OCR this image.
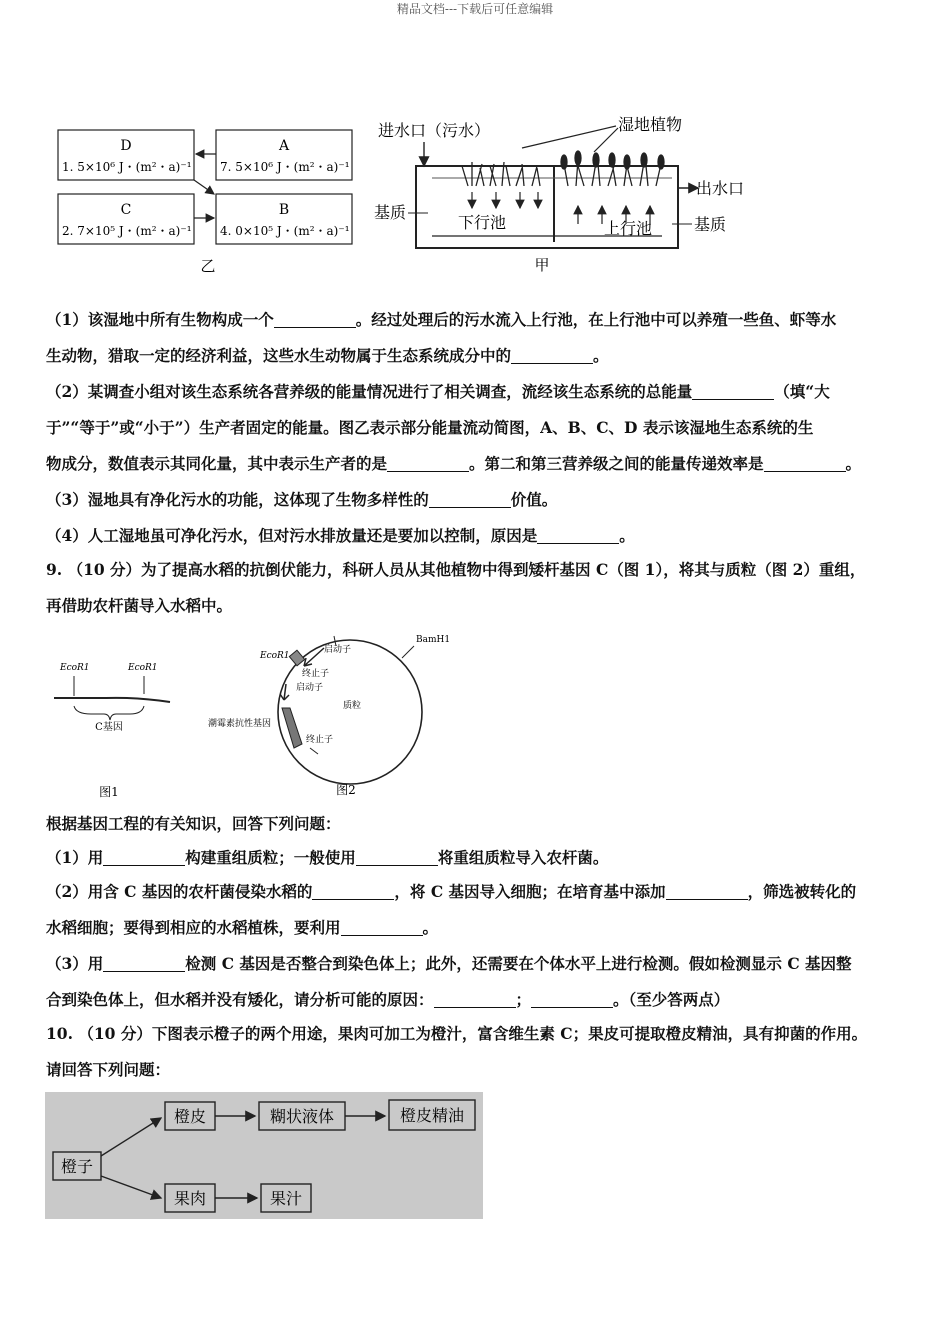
精品文档---下载后可任意编辑
D
1. 5×10⁶ J・(m²・a)⁻¹
A
7. 5×10⁶ J・(m²・a)⁻¹
C
2. 7×10⁵ J・(m²・a)⁻¹
B
4. 0×10⁵ J・(m²・a)⁻¹
乙
进水口（污水）	湿地植物
出水口
基质
下行池	上行池	基质
甲
（1）该湿地中所有生物构成一个	。经过处理后的污水流入上行池，在上行池中可以养殖一些鱼、虾等水
生动物，猎取一定的经济利益，这些水生动物属于生态系统成分中的	。
（2）某调查小组对该生态系统各营养级的能量情况进行了相关调查，流经该生态系统的总能量	（填“大
于”“等于”或“小于”）生产者固定的能量。图乙表示部分能量流动简图，A、B、C、D 表示该湿地生态系统的生
物成分，数值表示其同化量，其中表示生产者的是	。第二和第三营养级之间的能量传递效率是	。
（3）湿地具有净化污水的功能，这体现了生物多样性的	价值。
（4）人工湿地虽可净化污水，但对污水排放量还是要加以控制，原因是	。
9. （10 分）为了提高水稻的抗倒伏能力，科研人员从其他植物中得到矮杆基因 C（图 1），将其与质粒（图 2）重组，
再借助农杆菌导入水稻中。
EcoR1	EcoR1
C基因
图1
质粒
EcoR1
BamH1
启动子
终止子
启动子
潮霉素抗性基因
终止子
图2
根据基因工程的有关知识，回答下列问题：
（1）用	构建重组质粒；一般使用	将重组质粒导入农杆菌。
（2）用含 C 基因的农杆菌侵染水稻的	，将 C 基因导入细胞；在培育基中添加	，筛选被转化的
水稻细胞；要得到相应的水稻植株，要利用	。
（3）用	检测 C 基因是否整合到染色体上；此外，还需要在个体水平上进行检测。假如检测显示 C 基因整
合到染色体上，但水稻并没有矮化，请分析可能的原因：	；	。（至少答两点）
10. （10 分）下图表示橙子的两个用途，果肉可加工为橙汁，富含维生素 C；果皮可提取橙皮精油，具有抑菌的作用。
请回答下列问题：
橙子
橙皮	糊状液体	橙皮精油
果肉	果汁
